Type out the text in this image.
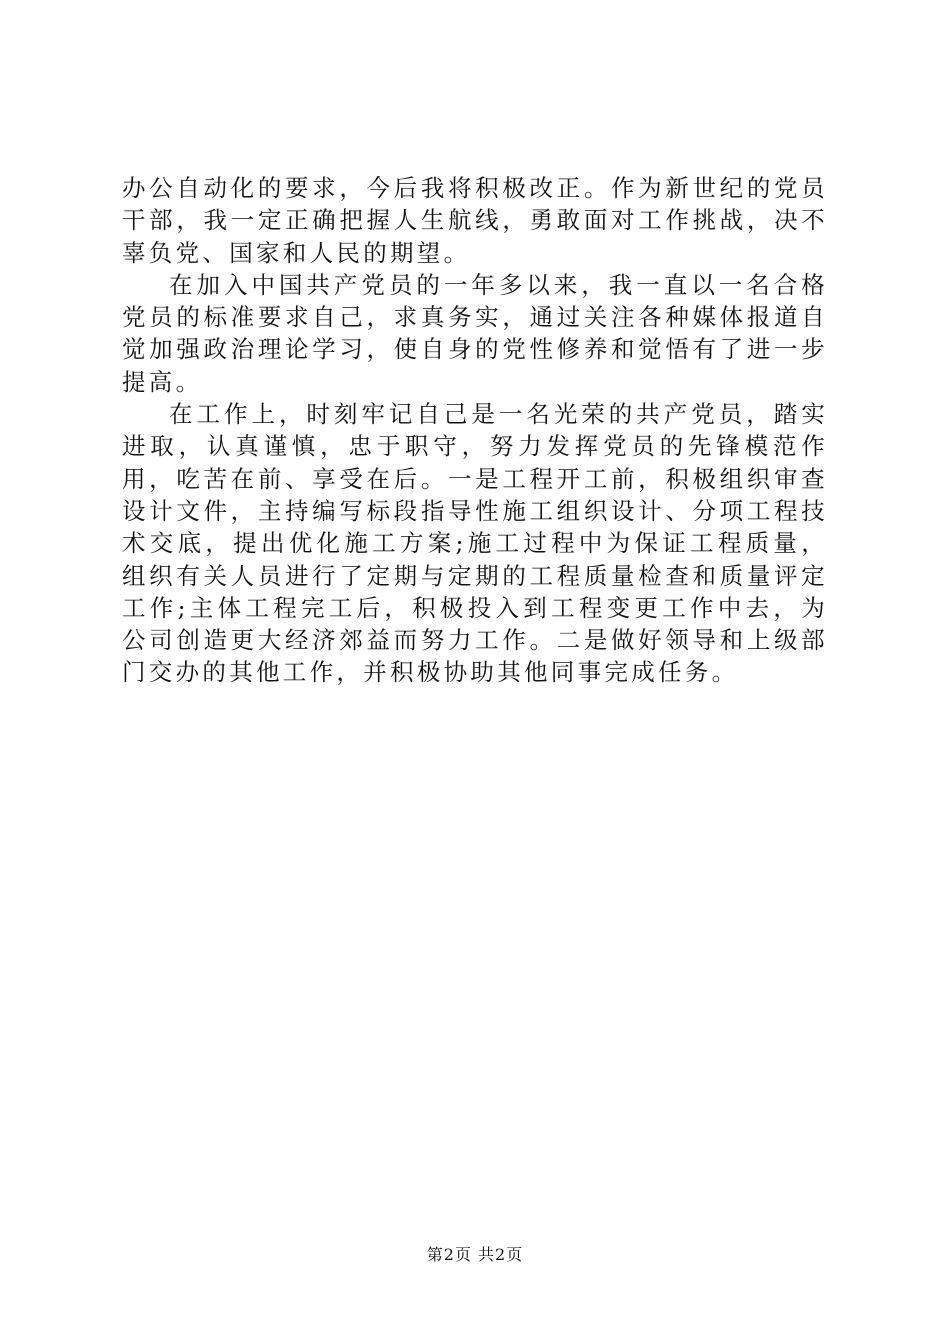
办公自动化的要求，今后我将积极改正。作为新世纪的党员干部，我一定正确把握人生航线，勇敢面对工作挑战，决不辜负党、国家和人民的期望。

在加入中国共产党员的一年多以来，我一直以一名合格党员的标准要求自己，求真务实，通过关注各种媒体报道自觉加强政治理论学习，使自身的党性修养和觉悟有了进一步提高。

在工作上，时刻牢记自己是一名光荣的共产党员，踏实进取，认真谨慎，忠于职守，努力发挥党员的先锋模范作用，吃苦在前、享受在后。一是工程开工前，积极组织审查设计文件，主持编写标段指导性施工组织设计、分项工程技术交底，提出优化施工方案;施工过程中为保证工程质量，组织有关人员进行了定期与定期的工程质量检查和质量评定工作;主体工程完工后，积极投入到工程变更工作中去，为公司创造更大经济郊益而努力工作。二是做好领导和上级部门交办的其他工作，并积极协助其他同事完成任务。

第2页 共2页
